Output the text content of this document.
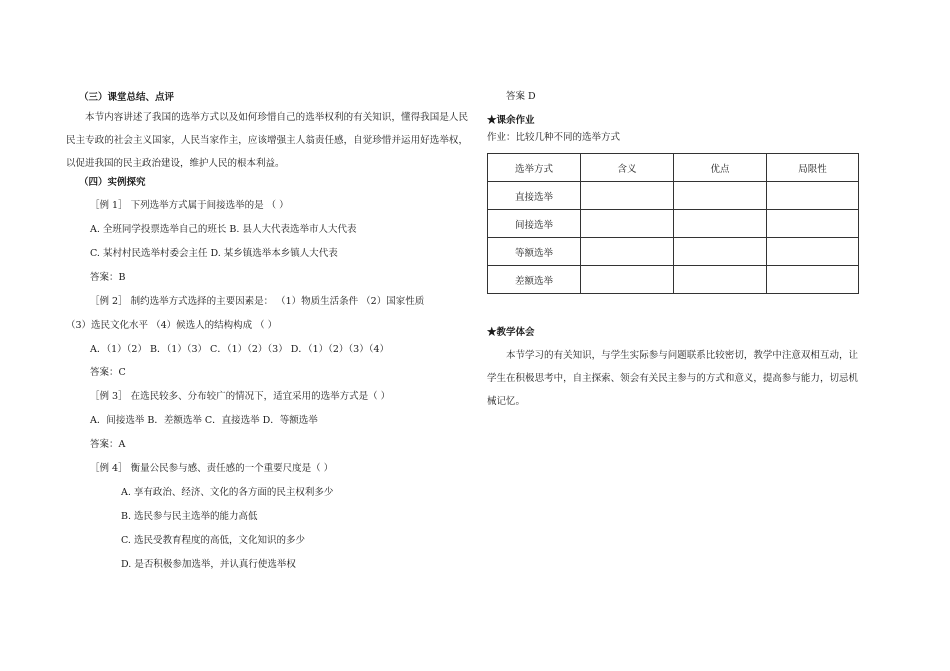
（三）课堂总结、点评
本节内容讲述了我国的选举方式以及如何珍惜自己的选举权利的有关知识，懂得我国是人民民主专政的社会主义国家，人民当家作主，应该增强主人翁责任感，自觉珍惜并运用好选举权，以促进我国的民主政治建设，维护人民的根本利益。
（四）实例探究
［例 1］ 下列选举方式属于间接选举的是 （ ）
A. 全班同学投票选举自己的班长 B. 县人大代表选举市人大代表
C. 某村村民选举村委会主任 D. 某乡镇选举本乡镇人大代表
答案：B
［例 2］ 制约选举方式选择的主要因素是： （1）物质生活条件 （2）国家性质
（3）选民文化水平 （4）候选人的结构构成 （ ）
A．（1）（2） B．（1）（3） C．（1）（2）（3） D．（1）（2）（3）（4）
答案：C
［例 3］ 在选民较多、分布较广的情况下，适宜采用的选举方式是（ ）
A．间接选举 B．差额选举 C．直接选举 D．等额选举
答案：A
［例 4］ 衡量公民参与感、责任感的一个重要尺度是（ ）
A. 享有政治、经济、文化的各方面的民主权利多少
B. 选民参与民主选举的能力高低
C. 选民受教育程度的高低，文化知识的多少
D. 是否积极参加选举，并认真行使选举权
答案 D
★课余作业
作业：比较几种不同的选举方式
选举方式	含义	优点	局限性
直接选举			
间接选举			
等额选举			
差额选举			
★教学体会
本节学习的有关知识，与学生实际参与问题联系比较密切，教学中注意双相互动，让学生在积极思考中，自主探索、领会有关民主参与的方式和意义，提高参与能力，切忌机械记忆。
